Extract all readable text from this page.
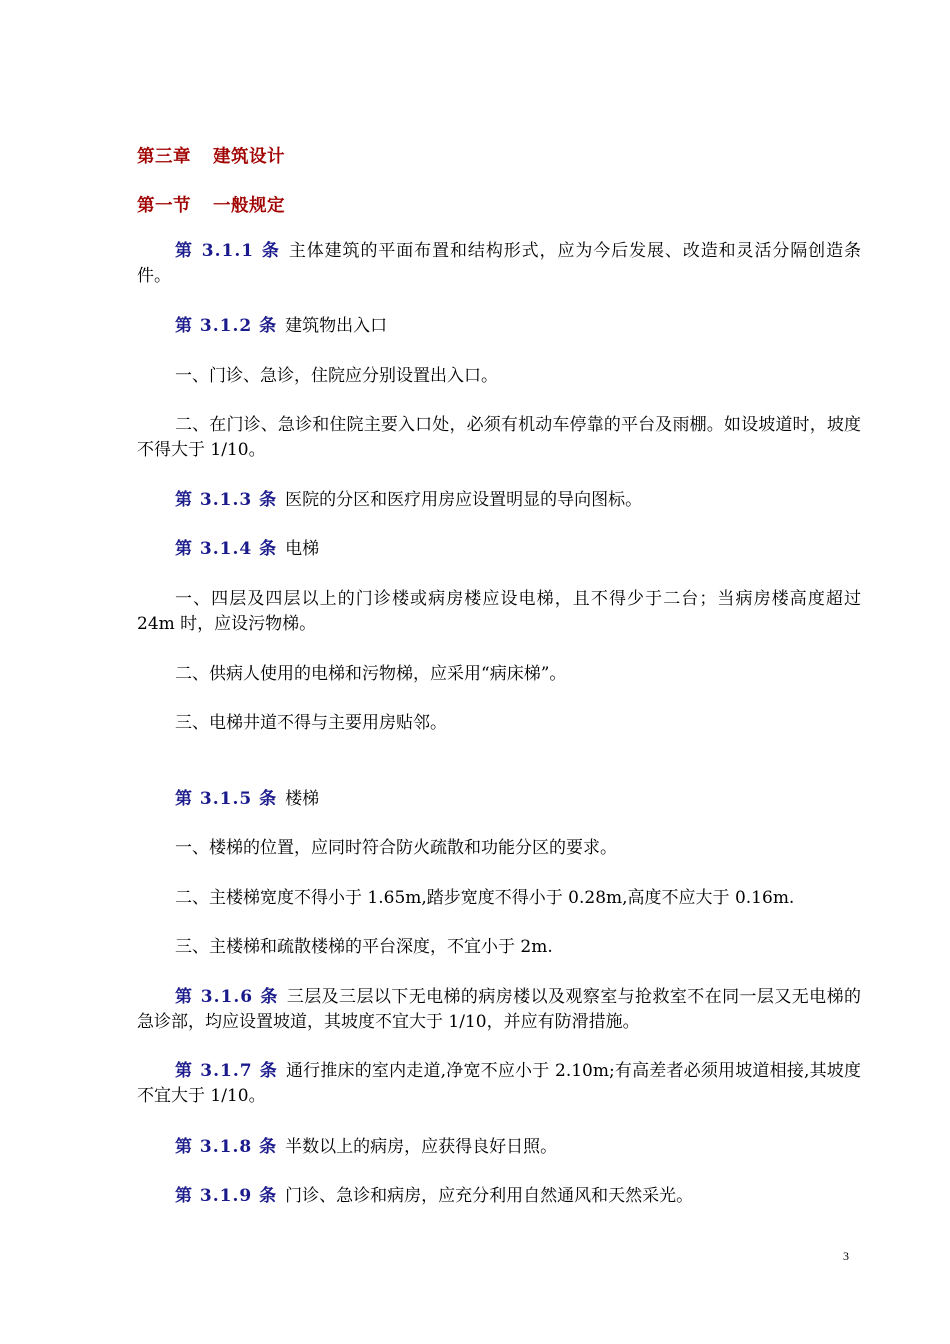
第三章 建筑设计
第一节 一般规定
第 3.1.1 条 主体建筑的平面布置和结构形式，应为今后发展、改造和灵活分隔创造条件。
第 3.1.2 条 建筑物出入口
一、门诊、急诊，住院应分别设置出入口。
二、在门诊、急诊和住院主要入口处，必须有机动车停靠的平台及雨棚。如设坡道时，坡度不得大于 1/10。
第 3.1.3 条 医院的分区和医疗用房应设置明显的导向图标。
第 3.1.4 条 电梯
一、四层及四层以上的门诊楼或病房楼应设电梯，且不得少于二台；当病房楼高度超过 24m 时，应设污物梯。
二、供病人使用的电梯和污物梯，应采用“病床梯”。
三、电梯井道不得与主要用房贴邻。
第 3.1.5 条 楼梯
一、楼梯的位置，应同时符合防火疏散和功能分区的要求。
二、主楼梯宽度不得小于 1.65m,踏步宽度不得小于 0.28m,高度不应大于 0.16m.
三、主楼梯和疏散楼梯的平台深度，不宜小于 2m.
第 3.1.6 条 三层及三层以下无电梯的病房楼以及观察室与抢救室不在同一层又无电梯的急诊部，均应设置坡道，其坡度不宜大于 1/10，并应有防滑措施。
第 3.1.7 条 通行推床的室内走道,净宽不应小于 2.10m;有高差者必须用坡道相接,其坡度不宜大于 1/10。
第 3.1.8 条 半数以上的病房，应获得良好日照。
第 3.1.9 条 门诊、急诊和病房，应充分利用自然通风和天然采光。
3
